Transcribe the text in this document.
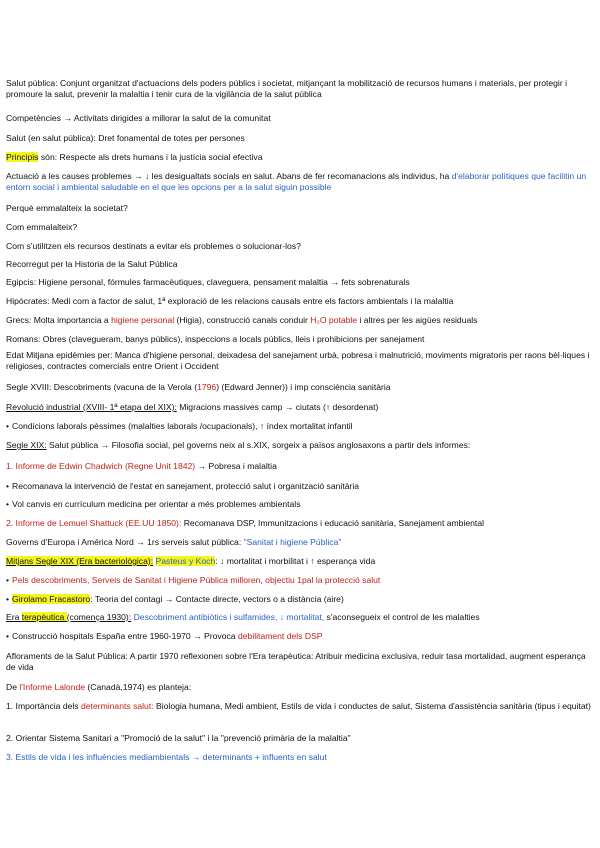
Salut pública: Conjunt organitzat d'actuacions dels poders públics i societat, mitjançant la mobilització de recursos humans i materials, per protegir i promoure la salut, prevenir la malaltia i tenir cura de la vigilància de la salut pública

Competències → Activitats dirigides a millorar la salut de la comunitat

Salut (en salut pública): Dret fonamental de totes per persones

Principis són: Respecte als drets humans i la justícia social efectiva

Actuació a les causes problemes → ↓ les desigualtats socials en salut. Abans de fer recomanacions als individus, ha d'elaborar polítiques que facilitin un entorn social i ambiental saludable en el que les opcions per a la salut siguin possible

Perquè emmalalteix la societat?

Com emmalalteix?

Com s'utilitzen els recursos destinats a evitar els problemes o solucionar-los?

Recorregut per la Historia de la Salut Pública

Egipcis: Higiene personal, fórmules farmacèutiques, claveguera, pensament malaltia → fets sobrenaturals

Hipòcrates: Medi com a factor de salut, 1ª exploració de les relacions causals entre els factors ambientals i la malaltia

Grecs: Molta importancia a higiene personal (Higia), construcció canals conduir H₂O potable i altres per les aigües residuals

Romans: Obres (clavegueram, banys públics), inspeccions a locals públics, lleis i prohibicions per sanejament

Edat Mitjana epidèmies per: Manca d'higiene personal, deixadesa del sanejament urbà, pobresa i malnutrició, moviments migratoris per raons bèl·liques i religioses, contractes comercials entre Orient i Occident

Segle XVIII: Descobriments (vacuna de la Verola (1796) (Edward Jenner)) i imp consciència sanitària

Revolució industrial (XVIII- 1ª etapa del XIX): Migracions massives camp → ciutats (↑ desordenat)

• Condicions laborals pèssimes (malalties laborals /ocupacionals), ↑ índex mortalitat infantil

Segle XIX: Salut pública → Filosofia social, pel governs neix al s.XIX, sorgeix a països anglosaxons a partir dels informes:

1. Informe de Edwin Chadwich (Regne Unit 1842) → Pobresa i malaltia

• Recomanava la intervenció de l'estat en sanejament, protecció salut i organització sanitària

• Vol canvis en currículum medicina per orientar a més problemes ambientals

2. Informe de Lemuel Shattuck (EE.UU 1850): Recomanava DSP, Immunitzacions i educació sanitària, Sanejament ambiental

Governs d'Europa i América Nord → 1rs serveis salut pública: "Sanitat i higiene Pública"

Mitjans Segle XIX (Era bacteriològica): Pasteus y Koch: ↓ mortalitat i morbilitat i ↑ esperança vida

• Pels descobriments, Serveis de Sanitat i Higiene Pública milloren, objectiu 1pal la protecció salut

• Girolamo Fracastoro: Teoria del contagi → Contacte directe, vectors o a distància (aire)

Era terapèutica (comença 1930): Descobriment antibiòtics i sulfamides, ↓ mortalitat, s'aconsegueix el control de les malalties

• Construcció hospitals España entre 1960-1970 → Provoca debilitament dels DSP

Afloraments de la Salut Pública: A partir 1970 reflexionen sobre l'Era terapèutica: Atribuir medicina exclusiva, reduir tasa mortalidad, augment esperança de vida

De l'Informe Lalonde (Canadà,1974) es planteja:

1. Importància dels determinants salut: Biologia humana, Medi ambient, Estils de vida i conductes de salut, Sistema d'assistència sanitària (tipus i equitat)

2. Orientar Sistema Sanitari a "Promoció de la salut" i la "prevenció primària de la malaltia"

3. Estils de vida i les influències mediambientals → determinants + influents en salut
